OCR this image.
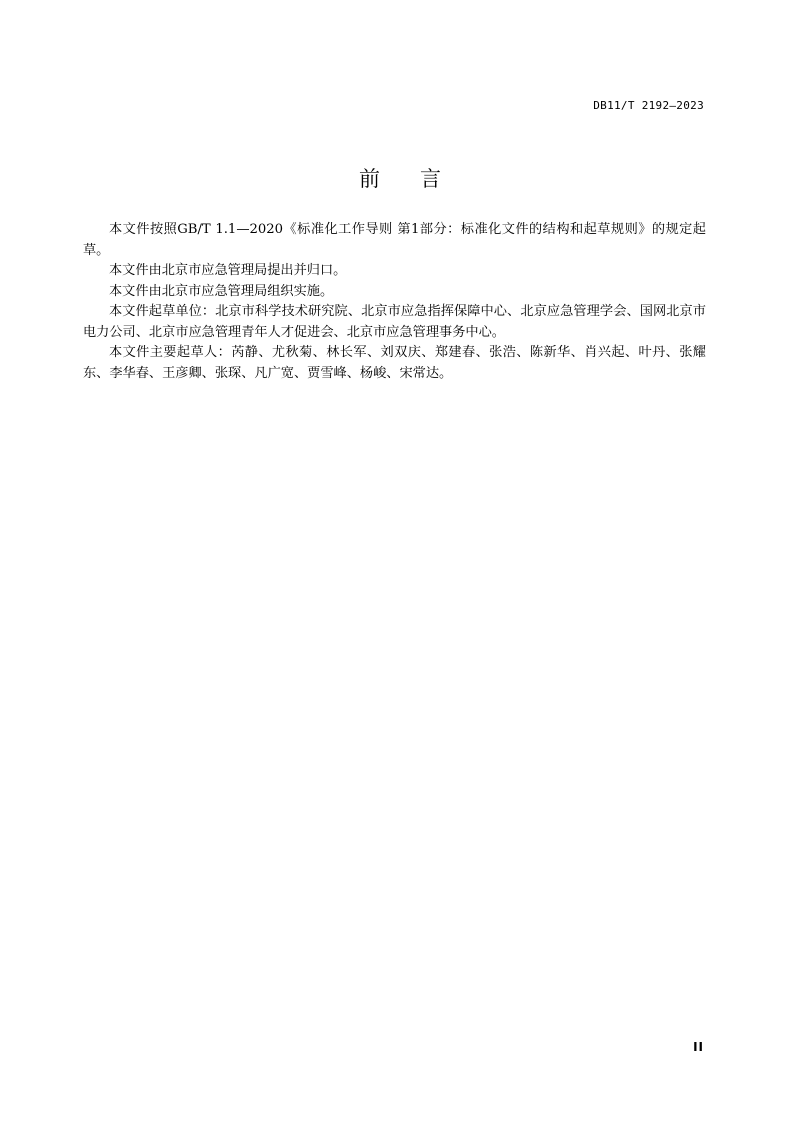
DB11/T 2192—2023
前言

本文件按照GB/T 1.1—2020《标准化工作导则 第1部分：标准化文件的结构和起草规则》的规定起草。

本文件由北京市应急管理局提出并归口。

本文件由北京市应急管理局组织实施。

本文件起草单位：北京市科学技术研究院、北京市应急指挥保障中心、北京应急管理学会、国网北京市电力公司、北京市应急管理青年人才促进会、北京市应急管理事务中心。

本文件主要起草人：芮静、尤秋菊、林长军、刘双庆、郑建春、张浩、陈新华、肖兴起、叶丹、张耀东、李华春、王彦卿、张琛、凡广宽、贾雪峰、杨峻、宋常达。

II
